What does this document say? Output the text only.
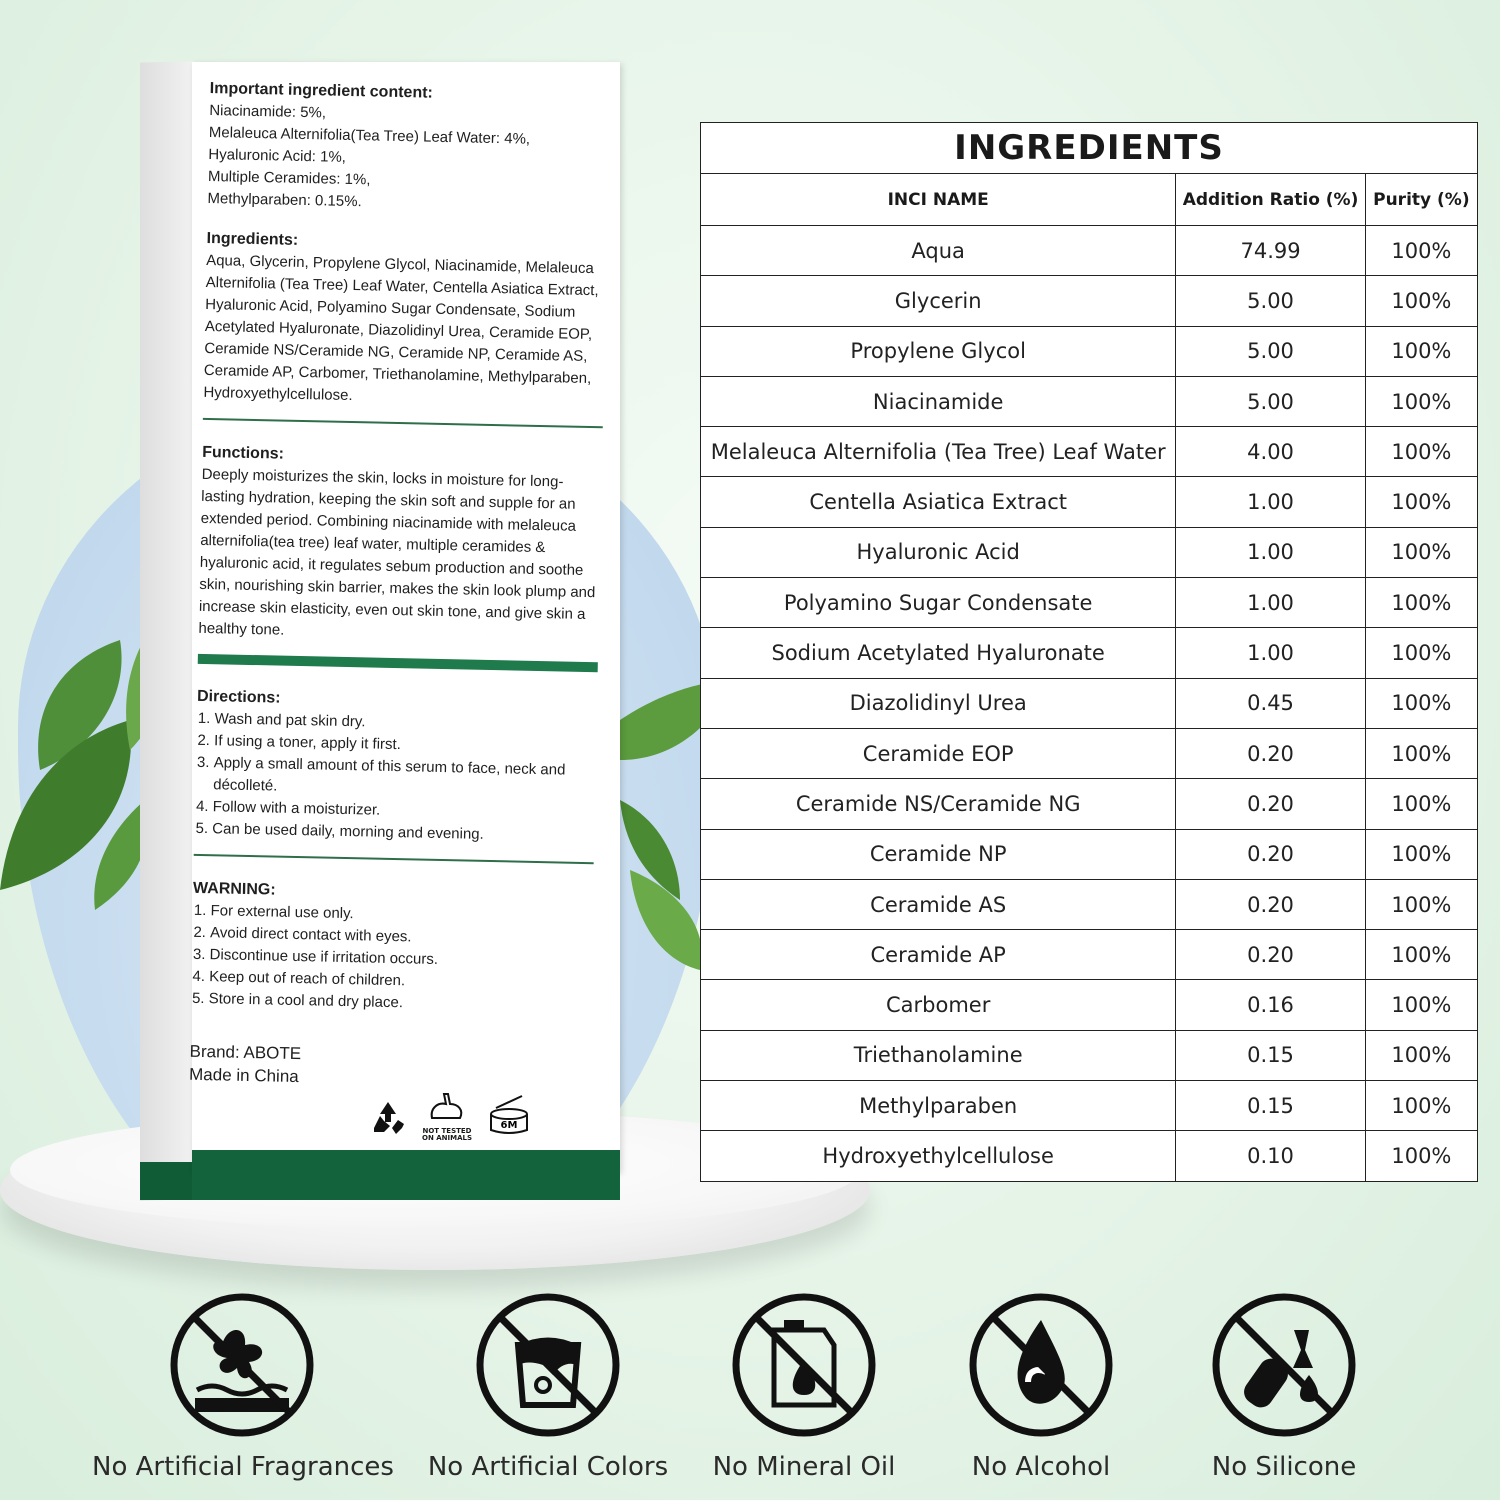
Important ingredient content:

Niacinamide: 5%,

Melaleuca Alternifolia(Tea Tree) Leaf Water: 4%,

Hyaluronic Acid: 1%,

Multiple Ceramides: 1%,

Methylparaben: 0.15%.

Ingredients:

Aqua, Glycerin, Propylene Glycol, Niacinamide, Melaleuca Alternifolia (Tea Tree) Leaf Water, Centella Asiatica Extract, Hyaluronic Acid, Polyamino Sugar Condensate, Sodium Acetylated Hyaluronate, Diazolidinyl Urea, Ceramide EOP, Ceramide NS/Ceramide NG, Ceramide NP, Ceramide AS, Ceramide AP, Carbomer, Triethanolamine, Methylparaben, Hydroxyethylcellulose.

Functions:

Deeply moisturizes the skin, locks in moisture for long-lasting hydration, keeping the skin soft and supple for an extended period. Combining niacinamide with melaleuca alternifolia(tea tree) leaf water, multiple ceramides & hyaluronic acid, it regulates sebum production and soothe skin, nourishing skin barrier, makes the skin look plump and increase skin elasticity, even out skin tone, and give skin a healthy tone.

Directions:
1. Wash and pat skin dry.
2. If using a toner, apply it first.
3. Apply a small amount of this serum to face, neck and décolleté.
4. Follow with a moisturizer.
5. Can be used daily, morning and evening.
WARNING:
1. For external use only.
2. Avoid direct contact with eyes.
3. Discontinue use if irritation occurs.
4. Keep out of reach of children.
5. Store in a cool and dry place.
Brand: ABOTE
Made in China
NOT TESTED ON ANIMALS
6M
INGREDIENTS
INCI NAME	Addition Ratio (%)	Purity (%)
Aqua	74.99	100%
Glycerin	5.00	100%
Propylene Glycol	5.00	100%
Niacinamide	5.00	100%
Melaleuca Alternifolia (Tea Tree) Leaf Water	4.00	100%
Centella Asiatica Extract	1.00	100%
Hyaluronic Acid	1.00	100%
Polyamino Sugar Condensate	1.00	100%
Sodium Acetylated Hyaluronate	1.00	100%
Diazolidinyl Urea	0.45	100%
Ceramide EOP	0.20	100%
Ceramide NS/Ceramide NG	0.20	100%
Ceramide NP	0.20	100%
Ceramide AS	0.20	100%
Ceramide AP	0.20	100%
Carbomer	0.16	100%
Triethanolamine	0.15	100%
Methylparaben	0.15	100%
Hydroxyethylcellulose	0.10	100%
No Artificial Fragrances	No Artificial Colors	No Mineral Oil	No Alcohol	No Silicone
